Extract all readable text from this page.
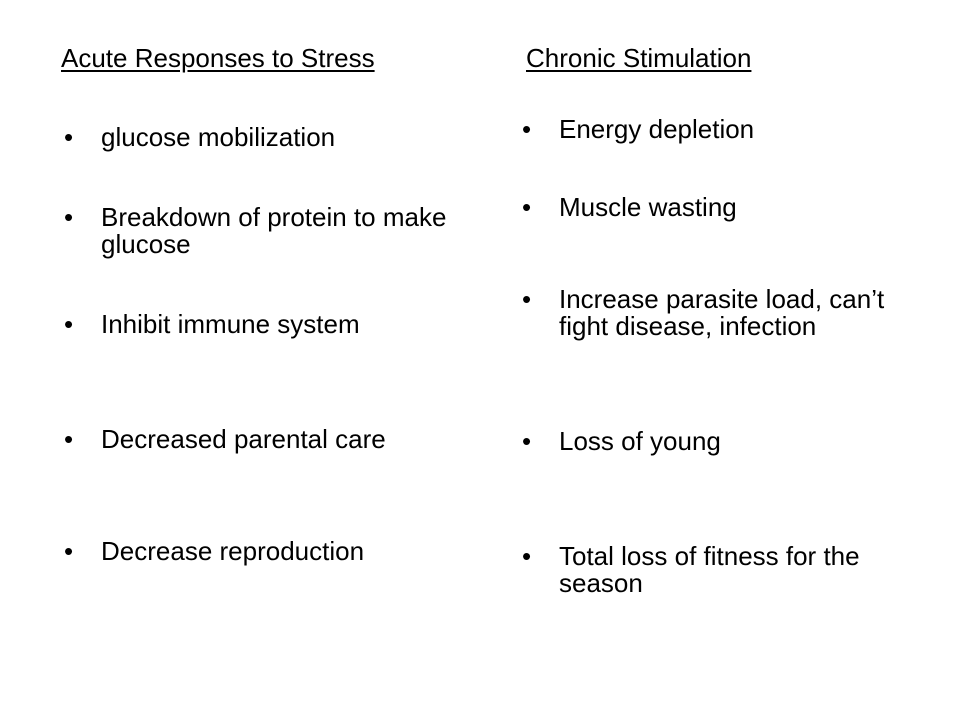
Acute Responses to Stress	Chronic Stimulation
• glucose mobilization
• Breakdown of protein to make glucose
• Inhibit immune system
• Decreased parental care
• Decrease reproduction
• Energy depletion
• Muscle wasting
• Increase parasite load, can’t fight disease, infection
• Loss of young
• Total loss of fitness for the season
